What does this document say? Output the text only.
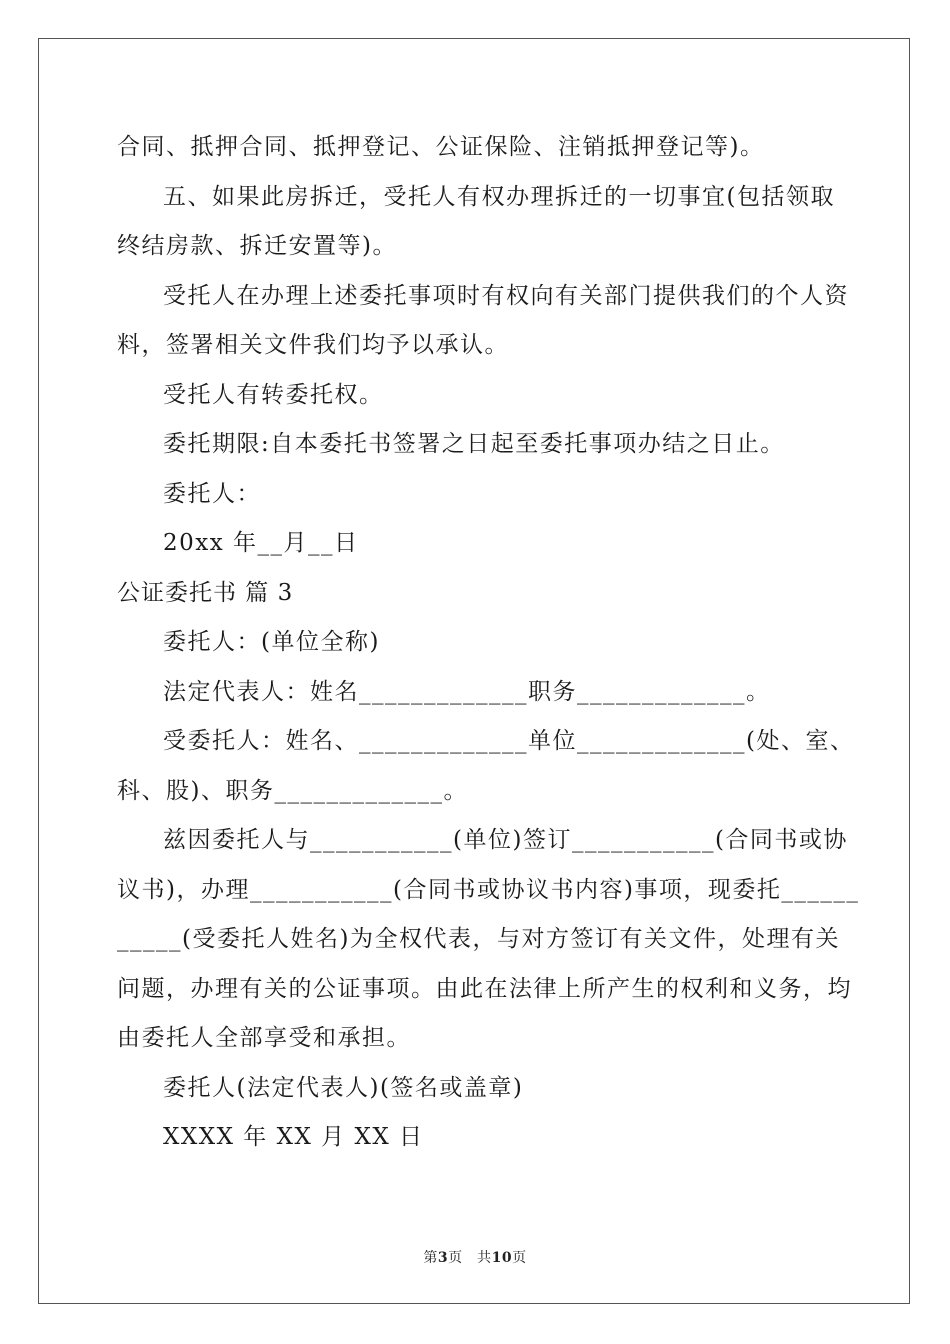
合同、抵押合同、抵押登记、公证保险、注销抵押登记等)。
五、如果此房拆迁，受托人有权办理拆迁的一切事宜(包括领取
终结房款、拆迁安置等)。
受托人在办理上述委托事项时有权向有关部门提供我们的个人资
料，签署相关文件我们均予以承认。
受托人有转委托权。
委托期限:自本委托书签署之日起至委托事项办结之日止。
委托人：
20xx 年__月__日
公证委托书 篇 3
委托人：(单位全称)
法定代表人：姓名_____________职务_____________。
受委托人：姓名、_____________单位_____________(处、室、
科、股)、职务_____________。
兹因委托人与___________(单位)签订___________(合同书或协
议书)，办理___________(合同书或协议书内容)事项，现委托______
_____(受委托人姓名)为全权代表，与对方签订有关文件，处理有关
问题，办理有关的公证事项。由此在法律上所产生的权利和义务，均
由委托人全部享受和承担。
委托人(法定代表人)(签名或盖章)
XXXX 年 XX 月 XX 日
第3页　共10页
